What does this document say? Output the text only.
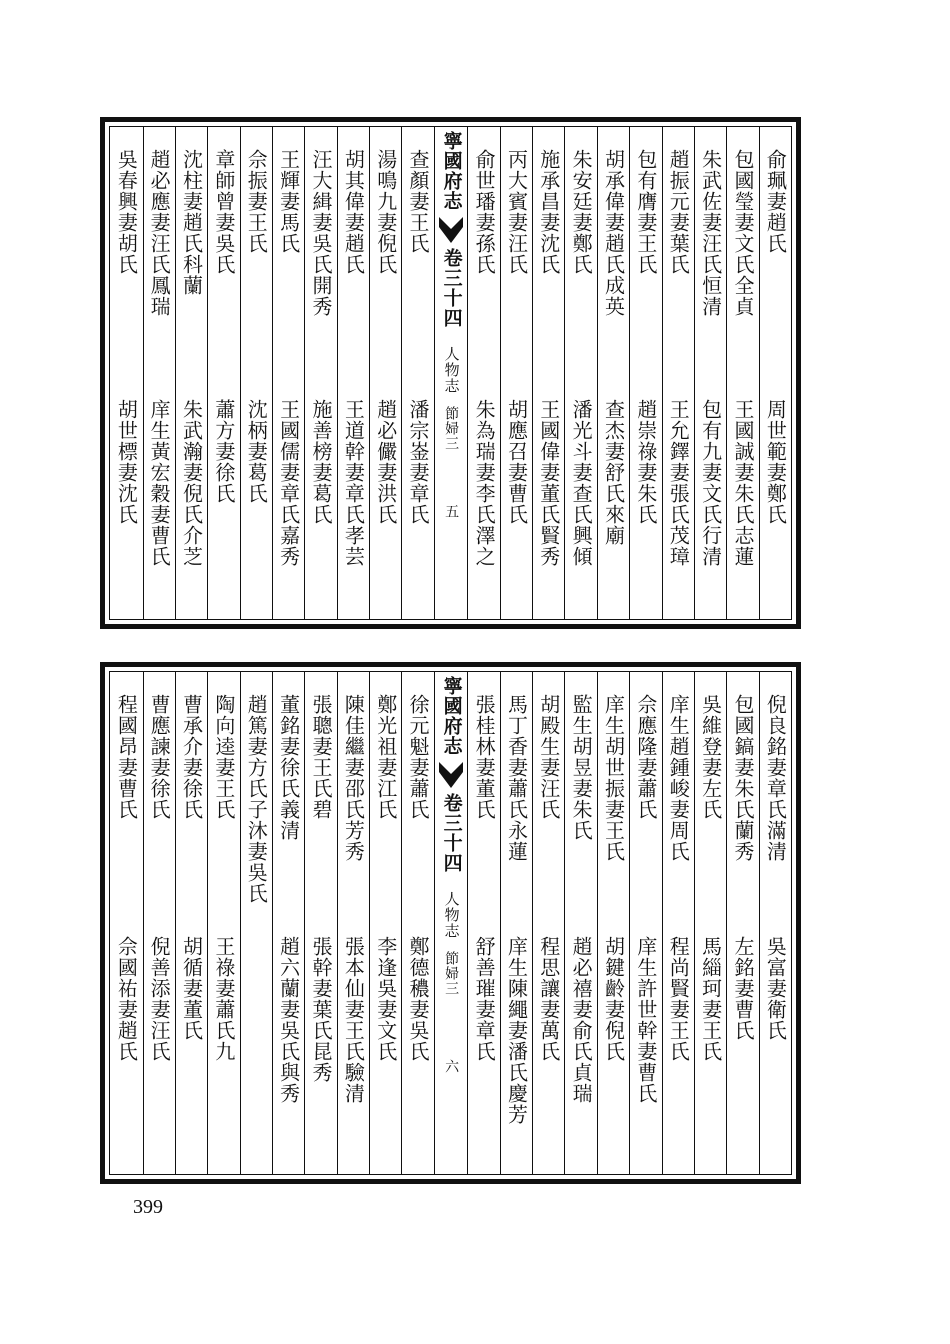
俞珮妻趙氏
周世範妻鄭氏
包國瑩妻文氏全貞
王國誠妻朱氏志蓮
朱武佐妻汪氏恒清
包有九妻文氏行清
趙振元妻葉氏
王允鐸妻張氏茂璋
包有膺妻王氏
趙崇祿妻朱氏
胡承偉妻趙氏成英
查杰妻舒氏來廟
朱安廷妻鄭氏
潘光斗妻查氏興傾
施承昌妻沈氏
王國偉妻董氏賢秀
丙大賓妻汪氏
胡應召妻曹氏
俞世璠妻孫氏
朱為瑞妻李氏澤之
寧國府志
卷三十四
人物志
節婦三
五
查顏妻王氏
潘宗崟妻章氏
湯鳴九妻倪氏
趙必儼妻洪氏
胡其偉妻趙氏
王道幹妻章氏孝芸
汪大緝妻吳氏開秀
施善榜妻葛氏
王輝妻馬氏
王國儒妻章氏嘉秀
佘振妻王氏
沈柄妻葛氏
章師曾妻吳氏
蕭方妻徐氏
沈柱妻趙氏科蘭
朱武瀚妻倪氏介芝
趙必應妻汪氏鳳瑞
庠生黃宏穀妻曹氏
吳春興妻胡氏
胡世標妻沈氏
倪良銘妻章氏滿清
吳富妻衛氏
包國鎬妻朱氏蘭秀
左銘妻曹氏
吳維登妻左氏
馬緇珂妻王氏
庠生趙鍾峻妻周氏
程尚賢妻王氏
佘應隆妻蕭氏
庠生許世幹妻曹氏
庠生胡世振妻王氏
胡鍵齡妻倪氏
監生胡昱妻朱氏
趙必禧妻俞氏貞瑞
胡殿生妻汪氏
程思讓妻萬氏
馬丁香妻蕭氏永蓮
庠生陳繩妻潘氏慶芳
張桂林妻董氏
舒善璀妻章氏
寧國府志
卷三十四
人物志
節婦三
六
徐元魁妻蕭氏
鄭德穠妻吳氏
鄭光祖妻江氏
李逢吳妻文氏
陳佳繼妻邵氏芳秀
張本仙妻王氏驗清
張聰妻王氏碧
張幹妻葉氏昆秀
董銘妻徐氏義清
趙六蘭妻吳氏與秀
趙篤妻方氏子沐妻吳氏
陶向逵妻王氏
王祿妻蕭氏九
曹承介妻徐氏
胡循妻董氏
曹應諫妻徐氏
倪善添妻汪氏
程國昂妻曹氏
佘國祐妻趙氏
399
